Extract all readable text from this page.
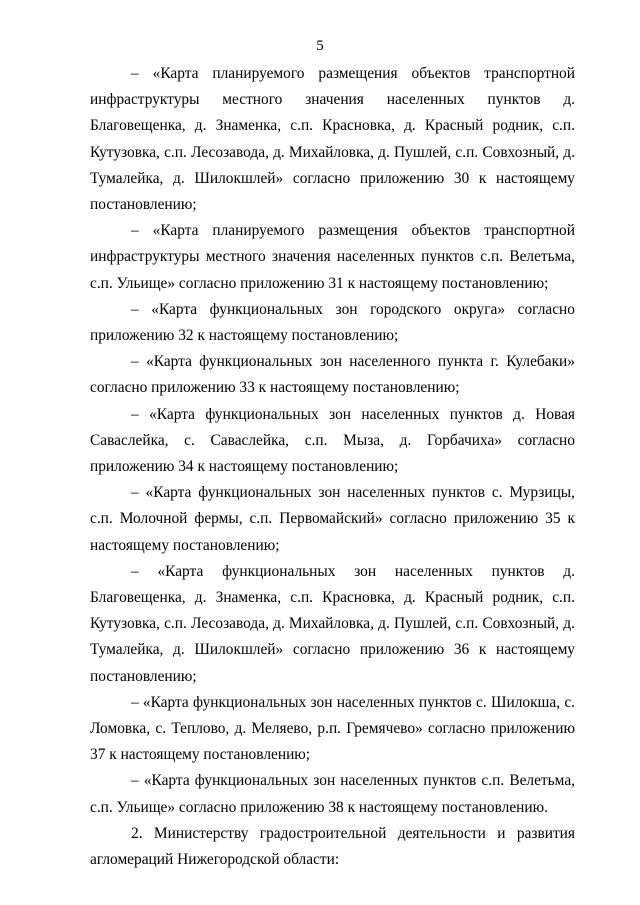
5

– «Карта планируемого размещения объектов транспортной инфраструктуры местного значения населенных пунктов д. Благовещенка, д. Знаменка, с.п. Красновка, д. Красный родник, с.п. Кутузовка, с.п. Лесозавода, д. Михайловка, д. Пушлей, с.п. Совхозный, д. Тумалейка, д. Шилокшлей» согласно приложению 30 к настоящему постановлению;

– «Карта планируемого размещения объектов транспортной инфраструктуры местного значения населенных пунктов с.п. Велетьма, с.п. Ульище» согласно приложению 31 к настоящему постановлению;

– «Карта функциональных зон городского округа» согласно приложению 32 к настоящему постановлению;

– «Карта функциональных зон населенного пункта г. Кулебаки» согласно приложению 33 к настоящему постановлению;

– «Карта функциональных зон населенных пунктов д. Новая Саваслейка, с. Саваслейка, с.п. Мыза, д. Горбачиха» согласно приложению 34 к настоящему постановлению;

– «Карта функциональных зон населенных пунктов с. Мурзицы, с.п. Молочной фермы, с.п. Первомайский» согласно приложению 35 к настоящему постановлению;

– «Карта функциональных зон населенных пунктов д. Благовещенка, д. Знаменка, с.п. Красновка, д. Красный родник, с.п. Кутузовка, с.п. Лесозавода, д. Михайловка, д. Пушлей, с.п. Совхозный, д. Тумалейка, д. Шилокшлей» согласно приложению 36 к настоящему постановлению;

– «Карта функциональных зон населенных пунктов с. Шилокша, с. Ломовка, с. Теплово, д. Меляево, р.п. Гремячево» согласно приложению 37 к настоящему постановлению;

– «Карта функциональных зон населенных пунктов с.п. Велетьма, с.п. Ульище» согласно приложению 38 к настоящему постановлению.

2. Министерству градостроительной деятельности и развития агломераций Нижегородской области:
